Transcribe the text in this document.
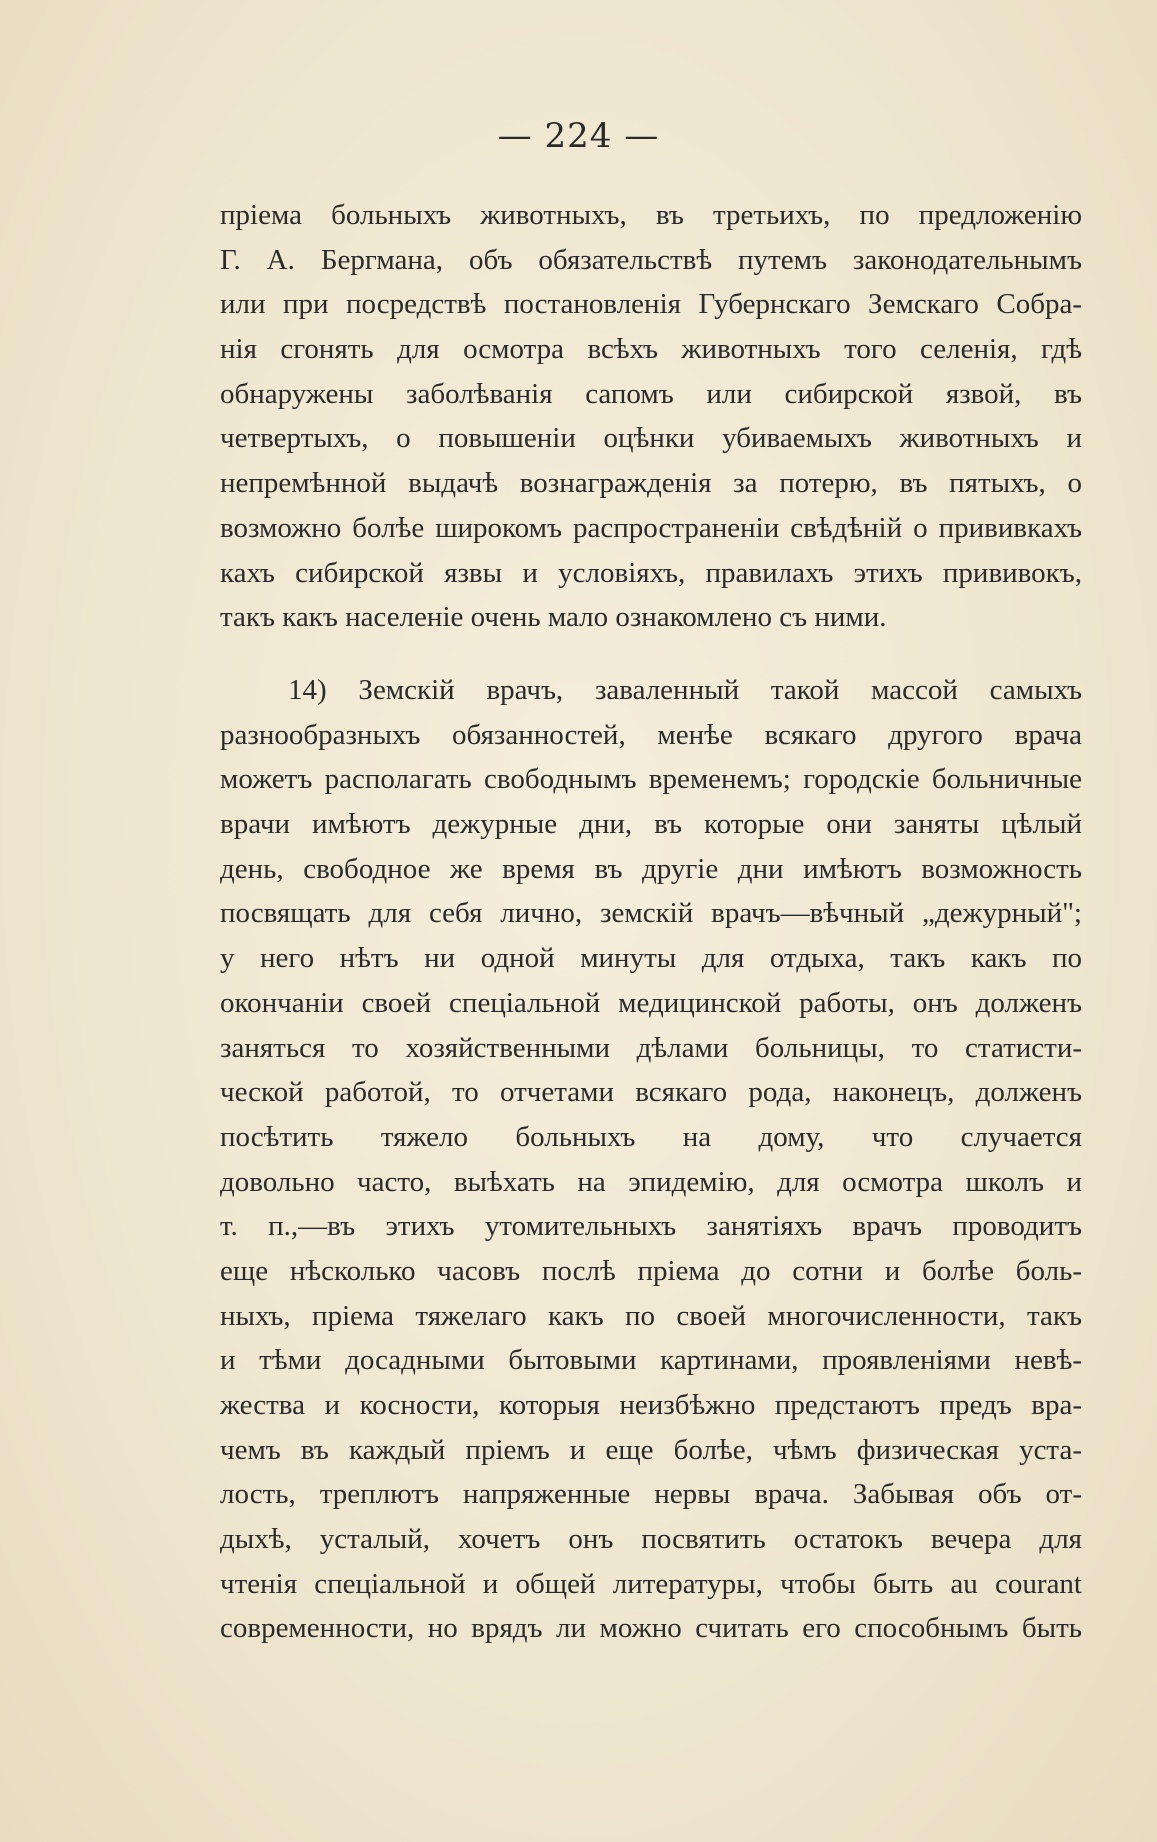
— 224 —
пріема больныхъ животныхъ, въ третьихъ, по предложенію
Г. А. Бергмана, объ обязательствѣ путемъ законодательнымъ
или при посредствѣ постановленія Губернскаго Земскаго Собра-
нія сгонять для осмотра всѣхъ животныхъ того селенія, гдѣ
обнаружены заболѣванія сапомъ или сибирской язвой, въ
четвертыхъ, о повышеніи оцѣнки убиваемыхъ животныхъ и
непремѣнной выдачѣ вознагражденія за потерю, въ пятыхъ, о
возможно болѣе широкомъ распространеніи свѣдѣній о прививкахъ
кахъ сибирской язвы и условіяхъ, правилахъ этихъ прививокъ,
такъ какъ населеніе очень мало ознакомлено съ ними.
14) Земскій врачъ, заваленный такой массой самыхъ
разнообразныхъ обязанностей, менѣе всякаго другого врача
можетъ располагать свободнымъ временемъ; городскіе больничные
врачи имѣютъ дежурные дни, въ которые они заняты цѣлый
день, свободное же время въ другіе дни имѣютъ возможность
посвящать для себя лично, земскій врачъ—вѣчный „дежурный";
у него нѣтъ ни одной минуты для отдыха, такъ какъ по
окончаніи своей спеціальной медицинской работы, онъ долженъ
заняться то хозяйственными дѣлами больницы, то статисти-
ческой работой, то отчетами всякаго рода, наконецъ, долженъ
посѣтить тяжело больныхъ на дому, что случается
довольно часто, выѣхать на эпидемію, для осмотра школъ и
т. п.,—въ этихъ утомительныхъ занятіяхъ врачъ проводитъ
еще нѣсколько часовъ послѣ пріема до сотни и болѣе боль-
ныхъ, пріема тяжелаго какъ по своей многочисленности, такъ
и тѣми досадными бытовыми картинами, проявленіями невѣ-
жества и косности, которыя неизбѣжно предстаютъ предъ вра-
чемъ въ каждый пріемъ и еще болѣе, чѣмъ физическая уста-
лость, треплютъ напряженные нервы врача. Забывая объ от-
дыхѣ, усталый, хочетъ онъ посвятить остатокъ вечера для
чтенія спеціальной и общей литературы, чтобы быть au courant
современности, но врядъ ли можно считать его способнымъ быть
